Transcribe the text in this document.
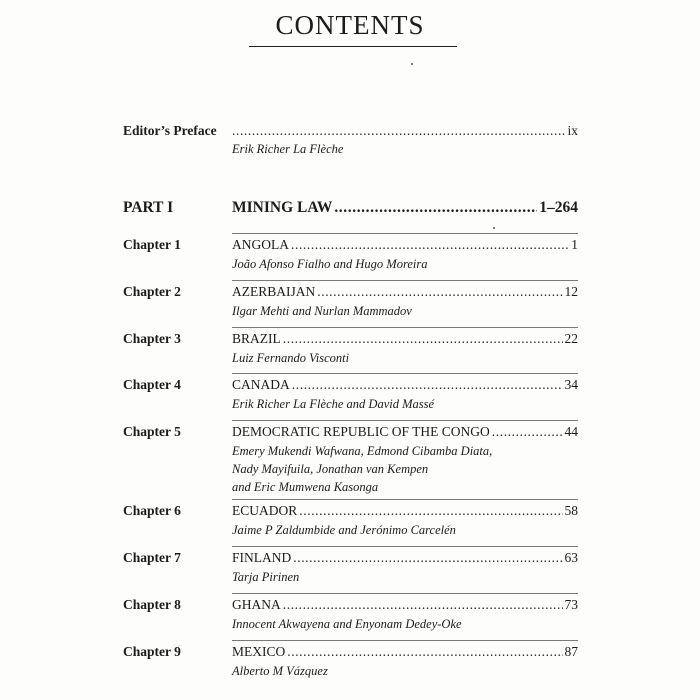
CONTENTS
Editor’s Preface .....	ix
Erik Richer La Flèche
PART I	MINING LAW .....	1–264
Chapter 1	ANGOLA .....	1
João Afonso Fialho and Hugo Moreira
Chapter 2	AZERBAIJAN .....	12
Ilgar Mehti and Nurlan Mammadov
Chapter 3	BRAZIL .....	22
Luiz Fernando Visconti
Chapter 4	CANADA .....	34
Erik Richer La Flèche and David Massé
Chapter 5	DEMOCRATIC REPUBLIC OF THE CONGO .....	44
Emery Mukendi Wafwana, Edmond Cibamba Diata,
Nady Mayifuila, Jonathan van Kempen
and Eric Mumwena Kasonga
Chapter 6	ECUADOR .....	58
Jaime P Zaldumbide and Jerónimo Carcelén
Chapter 7	FINLAND .....	63
Tarja Pirinen
Chapter 8	GHANA .....	73
Innocent Akwayena and Enyonam Dedey-Oke
Chapter 9	MEXICO .....	87
Alberto M Vázquez
